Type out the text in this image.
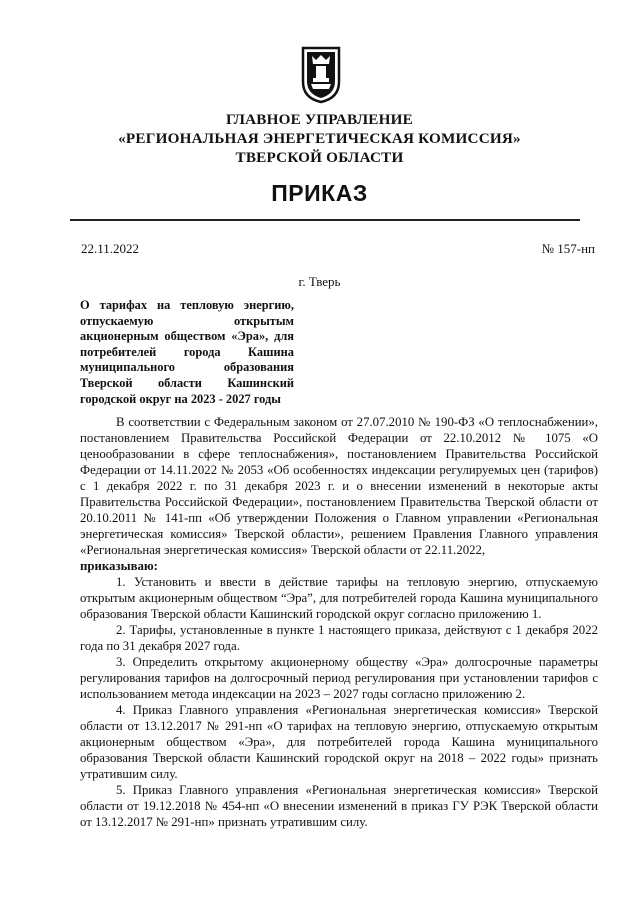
ГЛАВНОЕ УПРАВЛЕНИЕ
«РЕГИОНАЛЬНАЯ ЭНЕРГЕТИЧЕСКАЯ КОМИССИЯ»
ТВЕРСКОЙ ОБЛАСТИ
ПРИКАЗ
22.11.2022	№ 157-нп
г. Тверь
О тарифах на тепловую энергию, отпускаемую открытым акционерным обществом «Эра», для потребителей города Кашина муниципального образования Тверской области Кашинский городской округ на 2023 - 2027 годы

В соответствии с Федеральным законом от 27.07.2010 № 190-ФЗ «О теплоснабжении», постановлением Правительства Российской Федерации от 22.10.2012 № 1075 «О ценообразовании в сфере теплоснабжения», постановлением Правительства Российской Федерации от 14.11.2022 № 2053 «Об особенностях индексации регулируемых цен (тарифов) с 1 декабря 2022 г. по 31 декабря 2023 г. и о внесении изменений в некоторые акты Правительства Российской Федерации», постановлением Правительства Тверской области от 20.10.2011 № 141-пп «Об утверждении Положения о Главном управлении «Региональная энергетическая комиссия» Тверской области», решением Правления Главного управления «Региональная энергетическая комиссия» Тверской области от 22.11.2022,

приказываю:

1. Установить и ввести в действие тарифы на тепловую энергию, отпускаемую открытым акционерным обществом “Эра”, для потребителей города Кашина муниципального образования Тверской области Кашинский городской округ согласно приложению 1.

2. Тарифы, установленные в пункте 1 настоящего приказа, действуют с 1 декабря 2022 года по 31 декабря 2027 года.

3. Определить открытому акционерному обществу «Эра» долгосрочные параметры регулирования тарифов на долгосрочный период регулирования при установлении тарифов с использованием метода индексации на 2023 – 2027 годы согласно приложению 2.

4. Приказ Главного управления «Региональная энергетическая комиссия» Тверской области от 13.12.2017 № 291-нп «О тарифах на тепловую энергию, отпускаемую открытым акционерным обществом «Эра», для потребителей города Кашина муниципального образования Тверской области Кашинский городской округ на 2018 – 2022 годы» признать утратившим силу.

5. Приказ Главного управления «Региональная энергетическая комиссия» Тверской области от 19.12.2018 № 454-нп «О внесении изменений в приказ ГУ РЭК Тверской области от 13.12.2017 № 291-нп» признать утратившим силу.
